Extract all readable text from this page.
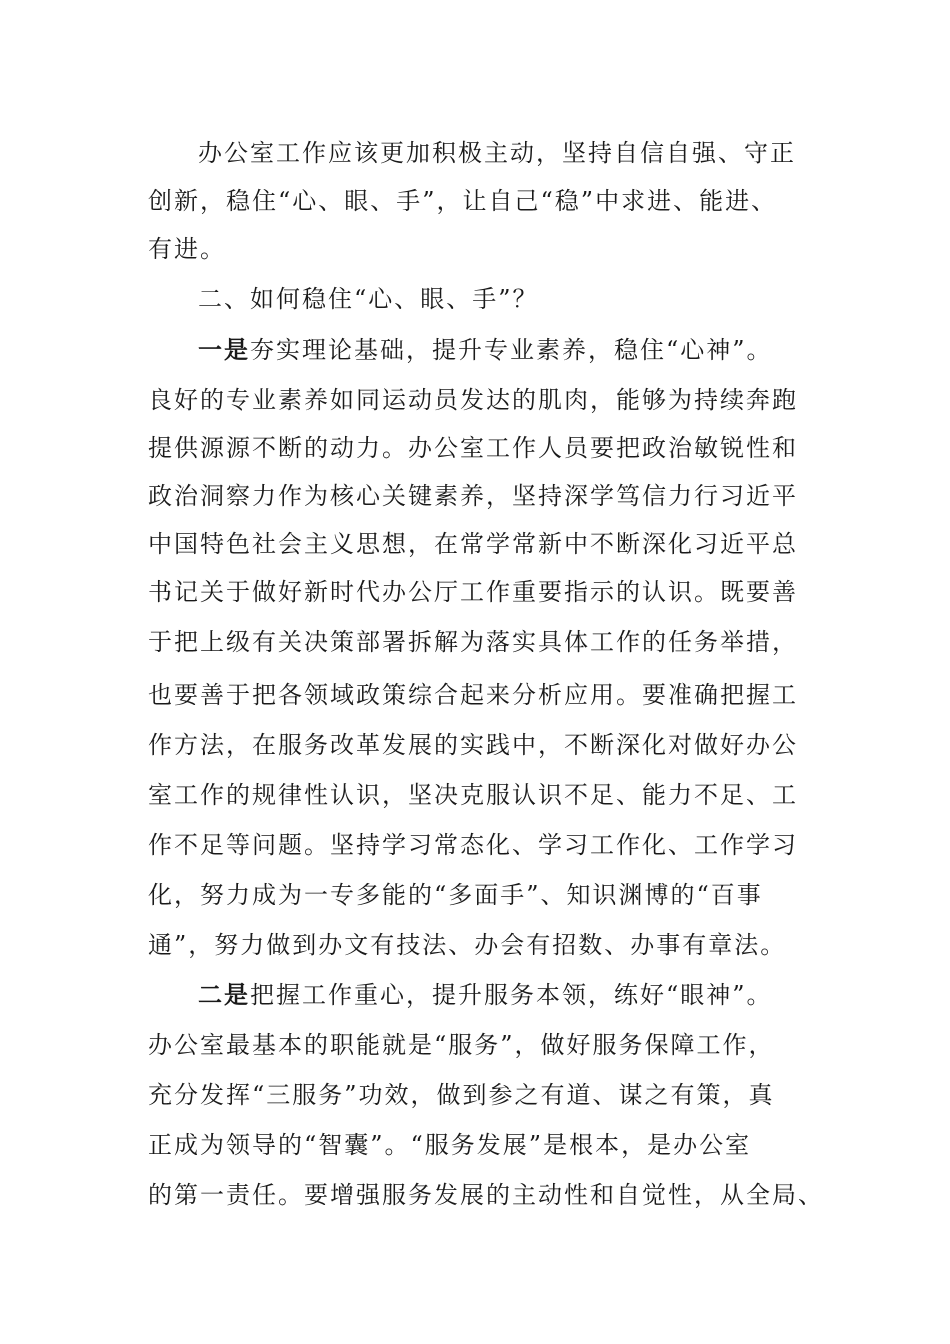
办公室工作应该更加积极主动，坚持自信自强、守正
创新，稳住“心、眼、手”，让自己“稳”中求进、能进、
有进。
二、如何稳住“心、眼、手”？
一是夯实理论基础，提升专业素养，稳住“心神”。
良好的专业素养如同运动员发达的肌肉，能够为持续奔跑
提供源源不断的动力。办公室工作人员要把政治敏锐性和
政治洞察力作为核心关键素养，坚持深学笃信力行习近平
中国特色社会主义思想，在常学常新中不断深化习近平总
书记关于做好新时代办公厅工作重要指示的认识。既要善
于把上级有关决策部署拆解为落实具体工作的任务举措，
也要善于把各领域政策综合起来分析应用。要准确把握工
作方法，在服务改革发展的实践中，不断深化对做好办公
室工作的规律性认识，坚决克服认识不足、能力不足、工
作不足等问题。坚持学习常态化、学习工作化、工作学习
化，努力成为一专多能的“多面手”、知识渊博的“百事
通”，努力做到办文有技法、办会有招数、办事有章法。
二是把握工作重心，提升服务本领，练好“眼神”。
办公室最基本的职能就是“服务”，做好服务保障工作，
充分发挥“三服务”功效，做到参之有道、谋之有策，真
正成为领导的“智囊”。“服务发展”是根本，是办公室
的第一责任。要增强服务发展的主动性和自觉性，从全局、
